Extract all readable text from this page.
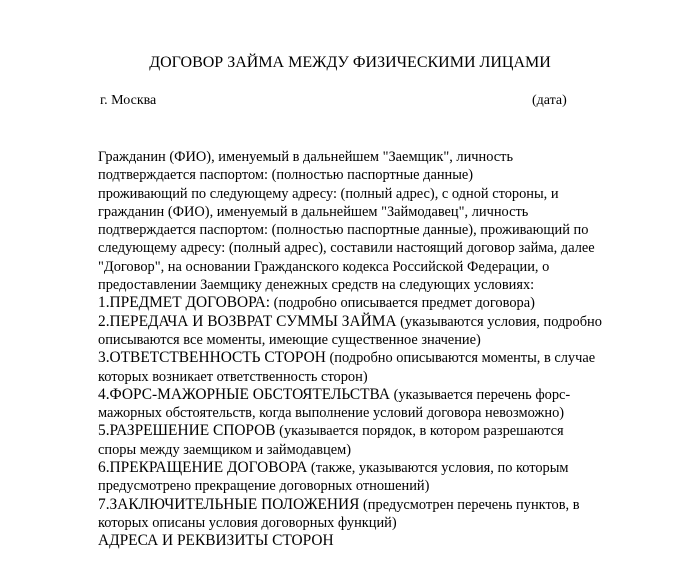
ДОГОВОР ЗАЙМА МЕЖДУ ФИЗИЧЕСКИМИ ЛИЦАМИ
г. Москва	(дата)
Гражданин (ФИО), именуемый в дальнейшем "Заемщик", личность
подтверждается паспортом: (полностью паспортные данные)
проживающий по следующему адресу: (полный адрес), с одной стороны, и
гражданин (ФИО), именуемый в дальнейшем "Займодавец", личность
подтверждается паспортом: (полностью паспортные данные), проживающий по
следующему адресу: (полный адрес), составили настоящий договор займа, далее
"Договор", на основании Гражданского кодекса Российской Федерации, о
предоставлении Заемщику денежных средств на следующих условиях:
1.ПРЕДМЕТ ДОГОВОРА: (подробно описывается предмет договора)
2.ПЕРЕДАЧА И ВОЗВРАТ СУММЫ ЗАЙМА (указываются условия, подробно
описываются все моменты, имеющие существенное значение)
3.ОТВЕТСТВЕННОСТЬ СТОРОН (подробно описываются моменты, в случае
которых возникает ответственность сторон)
4.ФОРС-МАЖОРНЫЕ ОБСТОЯТЕЛЬСТВА (указывается перечень форс-
мажорных обстоятельств, когда выполнение условий договора невозможно)
5.РАЗРЕШЕНИЕ СПОРОВ (указывается порядок, в котором разрешаются
споры между заемщиком и займодавцем)
6.ПРЕКРАЩЕНИЕ ДОГОВОРА (также, указываются условия, по которым
предусмотрено прекращение договорных отношений)
7.ЗАКЛЮЧИТЕЛЬНЫЕ ПОЛОЖЕНИЯ (предусмотрен перечень пунктов, в
которых описаны условия договорных функций)
АДРЕСА И РЕКВИЗИТЫ СТОРОН
